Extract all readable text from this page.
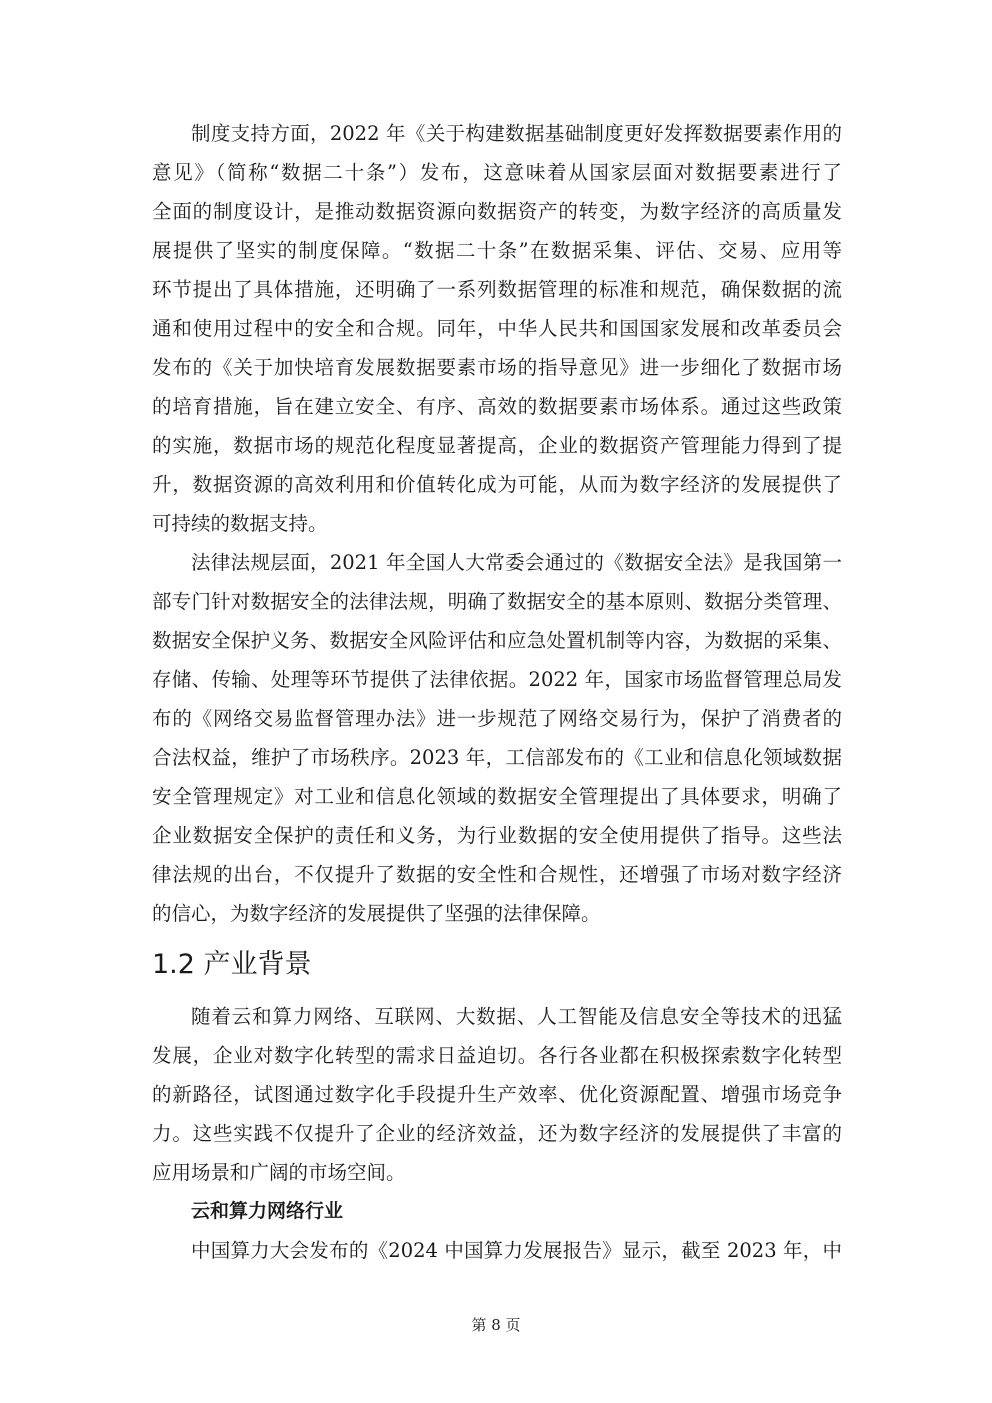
制度支持方面，2022 年《关于构建数据基础制度更好发挥数据要素作用的
意见》（简称“数据二十条”）发布，这意味着从国家层面对数据要素进行了
全面的制度设计，是推动数据资源向数据资产的转变，为数字经济的高质量发
展提供了坚实的制度保障。“数据二十条”在数据采集、评估、交易、应用等
环节提出了具体措施，还明确了一系列数据管理的标准和规范，确保数据的流
通和使用过程中的安全和合规。同年，中华人民共和国国家发展和改革委员会
发布的《关于加快培育发展数据要素市场的指导意见》进一步细化了数据市场
的培育措施，旨在建立安全、有序、高效的数据要素市场体系。通过这些政策
的实施，数据市场的规范化程度显著提高，企业的数据资产管理能力得到了提
升，数据资源的高效利用和价值转化成为可能，从而为数字经济的发展提供了
可持续的数据支持。
法律法规层面，2021 年全国人大常委会通过的《数据安全法》是我国第一
部专门针对数据安全的法律法规，明确了数据安全的基本原则、数据分类管理、
数据安全保护义务、数据安全风险评估和应急处置机制等内容，为数据的采集、
存储、传输、处理等环节提供了法律依据。2022 年，国家市场监督管理总局发
布的《网络交易监督管理办法》进一步规范了网络交易行为，保护了消费者的
合法权益，维护了市场秩序。2023 年，工信部发布的《工业和信息化领域数据
安全管理规定》对工业和信息化领域的数据安全管理提出了具体要求，明确了
企业数据安全保护的责任和义务，为行业数据的安全使用提供了指导。这些法
律法规的出台，不仅提升了数据的安全性和合规性，还增强了市场对数字经济
的信心，为数字经济的发展提供了坚强的法律保障。
1.2 产业背景
随着云和算力网络、互联网、大数据、人工智能及信息安全等技术的迅猛
发展，企业对数字化转型的需求日益迫切。各行各业都在积极探索数字化转型
的新路径，试图通过数字化手段提升生产效率、优化资源配置、增强市场竞争
力。这些实践不仅提升了企业的经济效益，还为数字经济的发展提供了丰富的
应用场景和广阔的市场空间。
云和算力网络行业
中国算力大会发布的《2024 中国算力发展报告》显示，截至 2023 年，中
第 8 页
